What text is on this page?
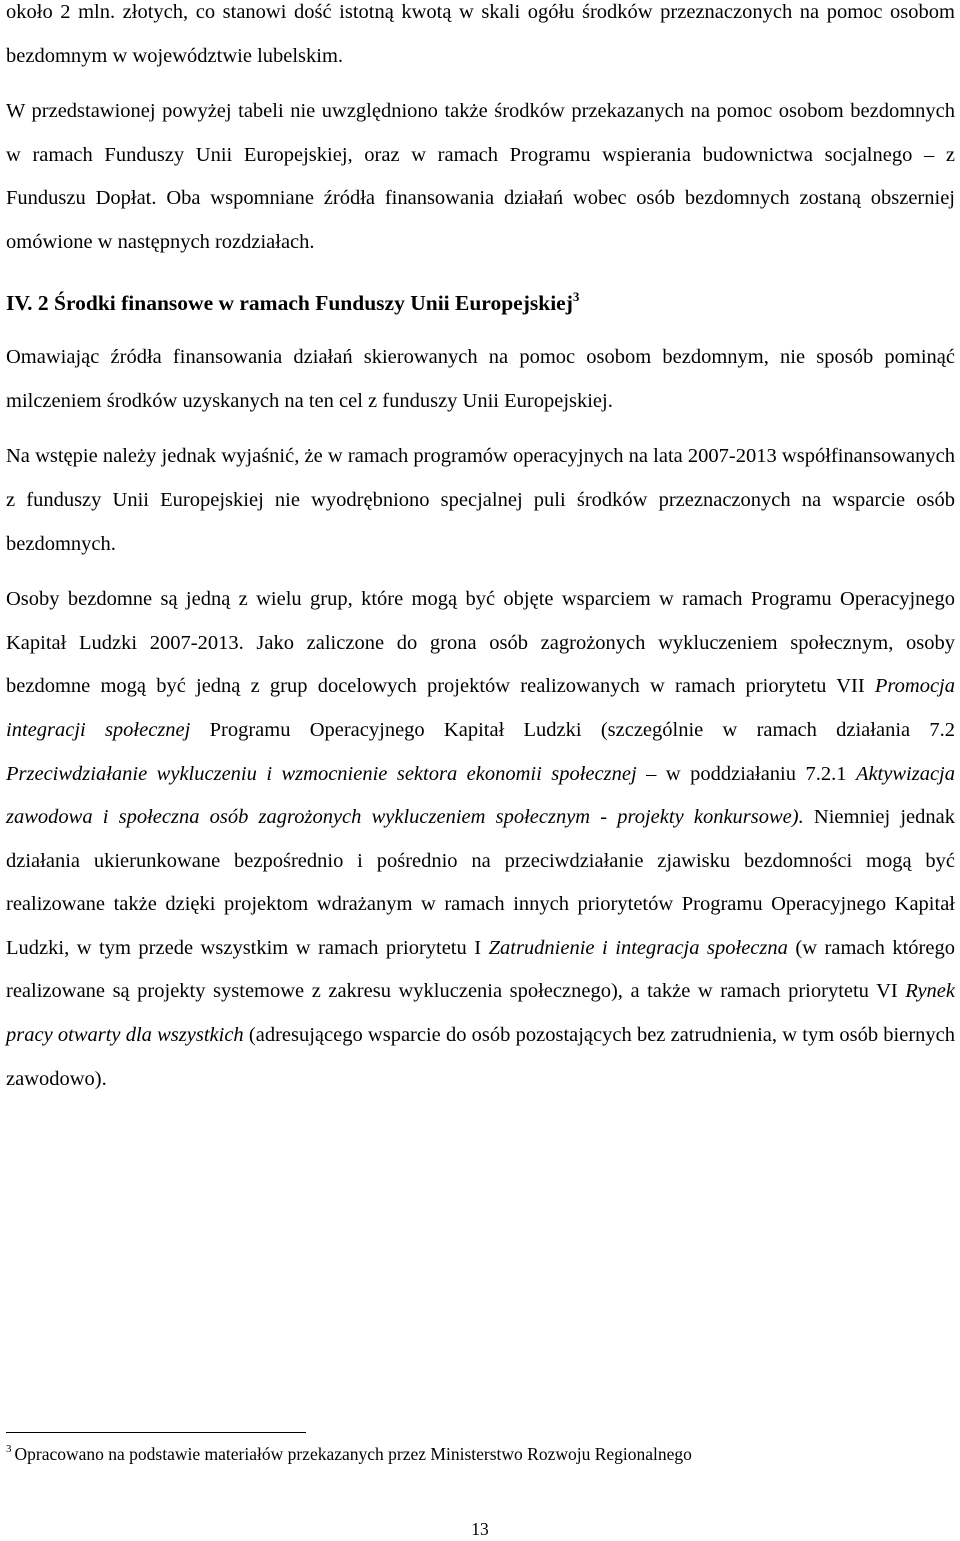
około 2 mln. złotych, co stanowi dość istotną kwotą w skali ogółu środków przeznaczonych na pomoc osobom bezdomnym w województwie lubelskim.

W przedstawionej powyżej tabeli nie uwzględniono także środków przekazanych na pomoc osobom bezdomnych w ramach Funduszy Unii Europejskiej, oraz w ramach Programu wspierania budownictwa socjalnego – z Funduszu Dopłat. Oba wspomniane źródła finansowania działań wobec osób bezdomnych zostaną obszerniej omówione w następnych rozdziałach.

IV. 2 Środki finansowe w ramach Funduszy Unii Europejskiej$^3$

Omawiając źródła finansowania działań skierowanych na pomoc osobom bezdomnym, nie sposób pominąć milczeniem środków uzyskanych na ten cel z funduszy Unii Europejskiej.

Na wstępie należy jednak wyjaśnić, że w ramach programów operacyjnych na lata 2007-2013 współfinansowanych z funduszy Unii Europejskiej nie wyodrębniono specjalnej puli środków przeznaczonych na wsparcie osób bezdomnych.

Osoby bezdomne są jedną z wielu grup, które mogą być objęte wsparciem w ramach Programu Operacyjnego Kapitał Ludzki 2007-2013. Jako zaliczone do grona osób zagrożonych wykluczeniem społecznym, osoby bezdomne mogą być jedną z grup docelowych projektów realizowanych w ramach priorytetu VII Promocja integracji społecznej Programu Operacyjnego Kapitał Ludzki (szczególnie w ramach działania 7.2 Przeciwdziałanie wykluczeniu i wzmocnienie sektora ekonomii społecznej – w poddziałaniu 7.2.1 Aktywizacja zawodowa i społeczna osób zagrożonych wykluczeniem społecznym - projekty konkursowe). Niemniej jednak działania ukierunkowane bezpośrednio i pośrednio na przeciwdziałanie zjawisku bezdomności mogą być realizowane także dzięki projektom wdrażanym w ramach innych priorytetów Programu Operacyjnego Kapitał Ludzki, w tym przede wszystkim w ramach priorytetu I Zatrudnienie i integracja społeczna (w ramach którego realizowane są projekty systemowe z zakresu wykluczenia społecznego), a także w ramach priorytetu VI Rynek pracy otwarty dla wszystkich (adresującego wsparcie do osób pozostających bez zatrudnienia, w tym osób biernych zawodowo).

$^3$ Opracowano na podstawie materiałów przekazanych przez Ministerstwo Rozwoju Regionalnego
13
